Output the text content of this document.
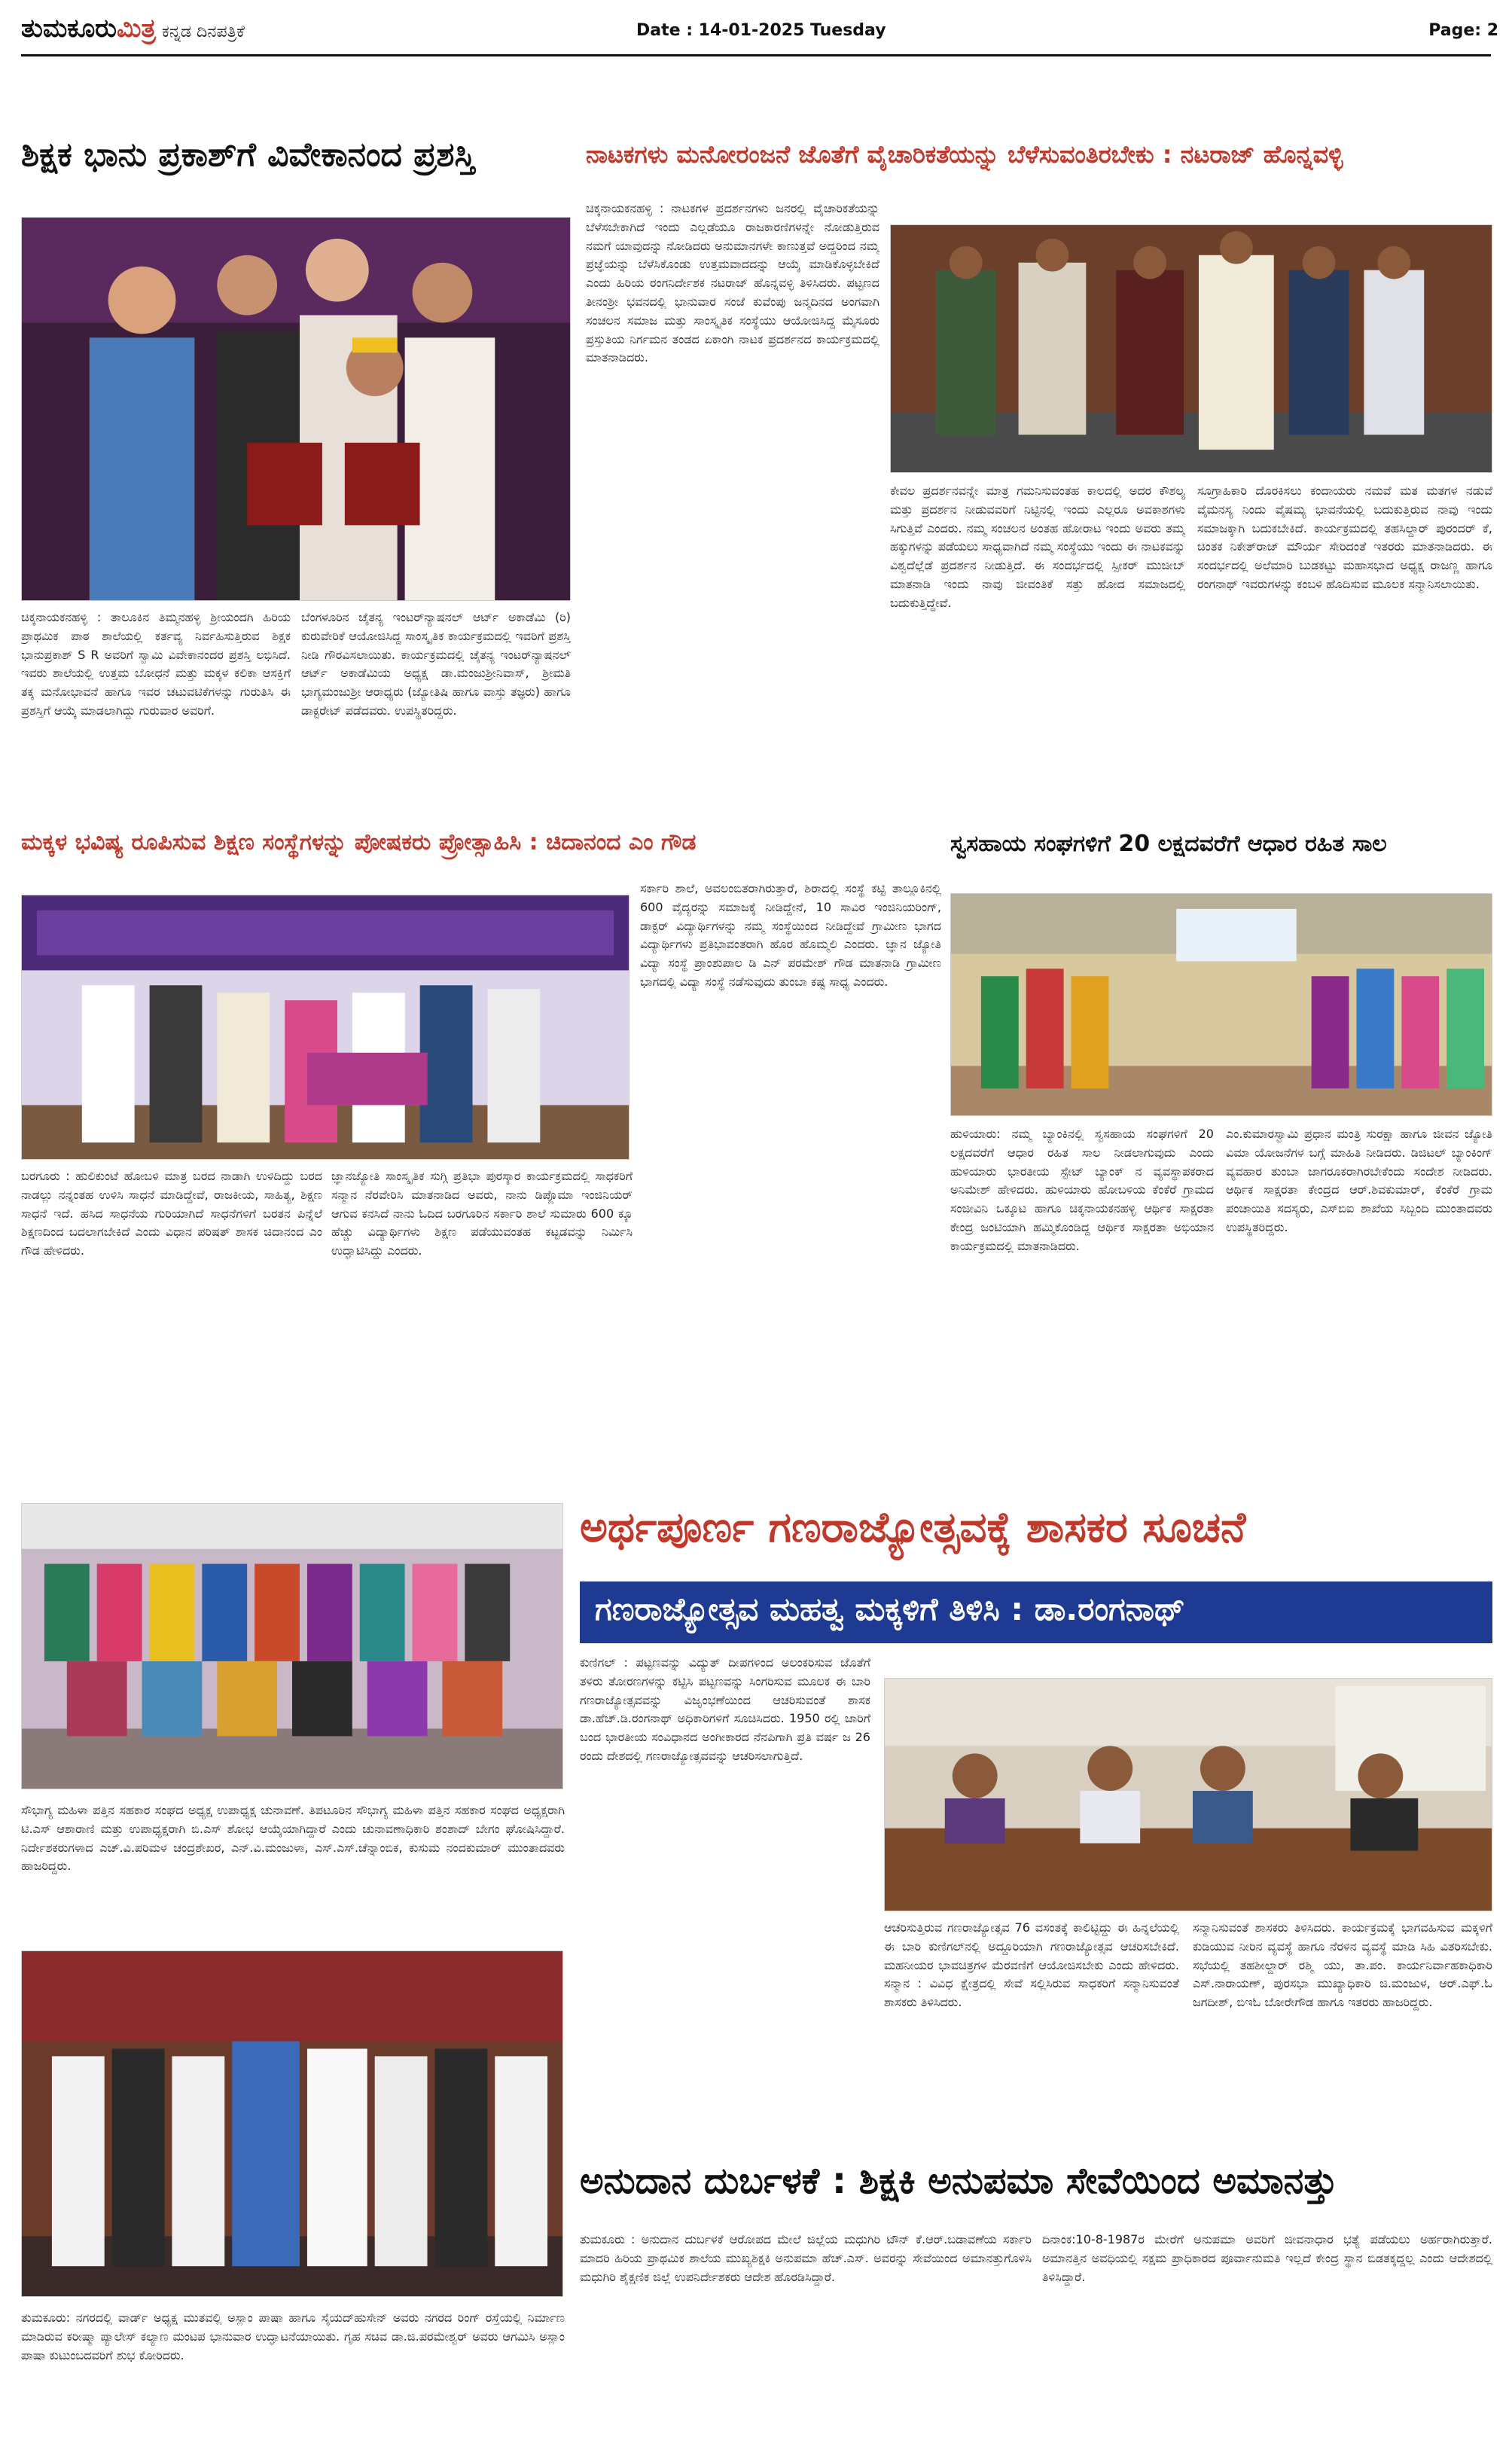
ತುಮಕೂರುಮಿತ್ರ ಕನ್ನಡ ದಿನಪತ್ರಿಕೆ	Date : 14-01-2025 Tuesday	Page: 2
ಶಿಕ್ಷಕ ಭಾನು ಪ್ರಕಾಶ್‌ಗೆ ವಿವೇಕಾನಂದ ಪ್ರಶಸ್ತಿ
ಚಿಕ್ಕನಾಯಕನಹಳ್ಳಿ : ತಾಲೂಕಿನ ತಿಮ್ಮನಹಳ್ಳಿ ಶ್ರೀಯಂದಗಿ ಹಿರಿಯ ಪ್ರಾಥಮಿಕ ಪಾಠ ಶಾಲೆಯಲ್ಲಿ ಕರ್ತವ್ಯ ನಿರ್ವಹಿಸುತ್ತಿರುವ ಶಿಕ್ಷಕ ಭಾನುಪ್ರಕಾಶ್ S R ಅವರಿಗೆ ಸ್ವಾಮಿ ವಿವೇಕಾನಂದರ ಪ್ರಶಸ್ತಿ ಲಭಿಸಿದೆ. ಇವರು ಶಾಲೆಯಲ್ಲಿ ಉತ್ತಮ ಬೋಧನೆ ಮತ್ತು ಮಕ್ಕಳ ಕಲಿಕಾ ಆಸಕ್ತಿಗೆ ತಕ್ಕ ಮನೋಭಾವನೆ ಹಾಗೂ ಇವರ ಚಟುವಟಿಕೆಗಳನ್ನು ಗುರುತಿಸಿ ಈ ಪ್ರಶಸ್ತಿಗೆ ಆಯ್ಕೆ ಮಾಡಲಾಗಿದ್ದು ಗುರುವಾರ ಅವರಿಗೆ.
ಬೆಂಗಳೂರಿನ ಚೈತನ್ಯ ಇಂಟರ್‌ನ್ಯಾಷನಲ್ ಆರ್ಟ್ ಅಕಾಡೆಮಿ (ರಿ) ಕುರುವೇರಿಕೆ ಆಯೋಜಿಸಿದ್ದ ಸಾಂಸ್ಕೃತಿಕ ಕಾರ್ಯಕ್ರಮದಲ್ಲಿ ಇವರಿಗೆ ಪ್ರಶಸ್ತಿ ನೀಡಿ ಗೌರವಿಸಲಾಯಿತು. ಕಾರ್ಯಕ್ರಮದಲ್ಲಿ ಚೈತನ್ಯ ಇಂಟರ್‌ನ್ಯಾಷನಲ್ ಆರ್ಟ್ ಅಕಾಡೆಮಿಯ ಅಧ್ಯಕ್ಷ ಡಾ.ಮಂಜುಶ್ರೀನಿವಾಸ್, ಶ್ರೀಮತಿ ಭಾಗ್ಯಮಂಜುಶ್ರೀ ಆರಾಧ್ಯರು (ಜ್ಯೋತಿಷಿ ಹಾಗೂ ವಾಸ್ತು ತಜ್ಞರು) ಹಾಗೂ ಡಾಕ್ಟರೇಟ್ ಪಡೆದವರು. ಉಪಸ್ಥಿತರಿದ್ದರು.
ನಾಟಕಗಳು ಮನೋರಂಜನೆ ಜೊತೆಗೆ ವೈಚಾರಿಕತೆಯನ್ನು ಬೆಳೆಸುವಂತಿರಬೇಕು : ನಟರಾಜ್ ಹೊನ್ನವಳ್ಳಿ
ಚಿಕ್ಕನಾಯಕನಹಳ್ಳಿ : ನಾಟಕಗಳ ಪ್ರದರ್ಶನಗಳು ಜನರಲ್ಲಿ ವೈಚಾರಿಕತೆಯನ್ನು ಬೆಳೆಸಬೇಕಾಗಿದೆ ಇಂದು ಎಲ್ಲಡೆಯೂ ರಾಜಕಾರಣಿಗಳನ್ನೇ ನೋಡುತ್ತಿರುವ ನಮಗೆ ಯಾವುದನ್ನು ನೋಡಿದರು ಅನುಮಾನಗಳೇ ಕಾಣುತ್ತವೆ ಅದ್ದರಿಂದ ನಮ್ಮ ಪ್ರಜ್ಞೆಯನ್ನು ಬೆಳೆಸಿಕೊಂಡು ಉತ್ತಮವಾದದನ್ನು ಆಯ್ಕೆ ಮಾಡಿಕೊಳ್ಳಬೇಕಿದೆ ಎಂದು ಹಿರಿಯ ರಂಗನಿರ್ದೇಶಕ ನಟರಾಜ್ ಹೊನ್ನವಳ್ಳಿ ತಿಳಿಸಿದರು. ಪಟ್ಟಣದ ತೀನಂಶ್ರೀ ಭವನದಲ್ಲಿ ಭಾನುವಾರ ಸಂಜೆ ಕುವೆಂಪು ಜನ್ಮದಿನದ ಅಂಗವಾಗಿ ಸಂಚಲನ ಸಮಾಜ ಮತ್ತು ಸಾಂಸ್ಕೃತಿಕ ಸಂಸ್ಥೆಯು ಆಯೋಜಿಸಿದ್ದ ಮೈಸೂರು ಪ್ರಸ್ತುತಿಯ ನಿರ್ಗಮನ ತಂಡದ ಏಕಾಂಗಿ ನಾಟಕ ಪ್ರದರ್ಶನದ ಕಾರ್ಯಕ್ರಮದಲ್ಲಿ ಮಾತನಾಡಿದರು.
ಕೇವಲ ಪ್ರದರ್ಶನವನ್ನೇ ಮಾತ್ರ ಗಮನಿಸುವಂತಹ ಕಾಲದಲ್ಲಿ ಅದರ ಕೌಶಲ್ಯ ಮತ್ತು ಪ್ರದರ್ಶನ ನೀಡುವವರಿಗೆ ನಿಟ್ಟಿನಲ್ಲಿ ಇಂದು ಎಲ್ಲರೂ ಅವಕಾಶಗಳು ಸಿಗುತ್ತಿವೆ ಎಂದರು. ನಮ್ಮ ಸಂಚಲನ ಅಂತಹ ಹೋರಾಟ ಇಂದು ಅವರು ತಮ್ಮ ಹಕ್ಕುಗಳನ್ನು ಪಡೆಯಲು ಸಾಧ್ಯವಾಗಿದೆ ನಮ್ಮ ಸಂಸ್ಥೆಯು ಇಂದು ಈ ನಾಟಕವನ್ನು ವಿಶ್ವದೆಲ್ಲೆಡೆ ಪ್ರದರ್ಶನ ನೀಡುತ್ತಿದೆ. ಈ ಸಂದರ್ಭದಲ್ಲಿ ಸ್ಪೀಕರ್ ಮುಜೀಬ್ ಮಾತನಾಡಿ ಇಂದು ನಾವು ಜೀವಂತಿಕೆ ಸತ್ತು ಹೋದ ಸಮಾಜದಲ್ಲಿ ಬದುಕುತ್ತಿದ್ದೇವೆ.
ಸೂಗ್ರಾಹಿಕಾರಿ ದೊರಕಿಸಲು ಕಂದಾಯರು ನಮವೆ ಮತ ಮತಗಳ ನಡುವೆ ವೈಮನಸ್ಯ ನಿಂದು ವೈಷಮ್ಯ ಭಾವನೆಯಲ್ಲಿ ಬದುಕುತ್ತಿರುವ ನಾವು ಇಂದು ಸಮಾಜಕ್ಕಾಗಿ ಬದುಕಬೇಕಿದೆ. ಕಾರ್ಯಕ್ರಮದಲ್ಲಿ ತಹಸಿಲ್ದಾರ್ ಪುರಂದರ್ ಕೆ, ಚಿಂತಕ ನಿಕೇತ್‌ರಾಜ್ ಮೌರ್ಯ ಸೇರಿದಂತೆ ಇತರರು ಮಾತನಾಡಿದರು. ಈ ಸಂದರ್ಭದಲ್ಲಿ ಅಲೆಮಾರಿ ಬುಡಕಟ್ಟು ಮಹಾಸಭಾದ ಅಧ್ಯಕ್ಷ ರಾಜಣ್ಣ ಹಾಗೂ ರಂಗನಾಥ್ ಇವರುಗಳನ್ನು ಕಂಬಳಿ ಹೊದಿಸುವ ಮೂಲಕ ಸನ್ಮಾನಿಸಲಾಯಿತು.
ಮಕ್ಕಳ ಭವಿಷ್ಯ ರೂಪಿಸುವ ಶಿಕ್ಷಣ ಸಂಸ್ಥೆಗಳನ್ನು ಪೋಷಕರು ಪ್ರೋತ್ಸಾಹಿಸಿ : ಚಿದಾನಂದ ಎಂ ಗೌಡ
ಸರ್ಕಾರಿ ಶಾಲೆ, ಅವಲಂಬಿತರಾಗಿರುತ್ತಾರೆ, ಶಿರಾದಲ್ಲಿ ಸಂಸ್ಥೆ ಕಟ್ಟಿ ತಾಲ್ಲೂಕಿನಲ್ಲಿ 600 ವೈದ್ಯರನ್ನು ಸಮಾಜಕ್ಕೆ ನೀಡಿದ್ದೇನೆ, 10 ಸಾವಿರ ಇಂಜಿನಿಯರಿಂಗ್, ಡಾಕ್ಟರ್ ವಿದ್ಯಾರ್ಥಿಗಳನ್ನು ನಮ್ಮ ಸಂಸ್ಥೆಯಿಂದ ನೀಡಿದ್ದೇವೆ ಗ್ರಾಮೀಣ ಭಾಗದ ವಿದ್ಯಾರ್ಥಿಗಳು ಪ್ರತಿಭಾವಂತರಾಗಿ ಹೊರ ಹೊಮ್ಮಲಿ ಎಂದರು. ಜ್ಞಾನ ಜ್ಯೋತಿ ವಿದ್ಯಾ ಸಂಸ್ಥೆ ಪ್ರಾಂಶುಪಾಲ ಡಿ ಎನ್ ಪರಮೇಶ್ ಗೌಡ ಮಾತನಾಡಿ ಗ್ರಾಮೀಣ ಭಾಗದಲ್ಲಿ ವಿದ್ಯಾ ಸಂಸ್ಥೆ ನಡೆಸುವುದು ತುಂಬಾ ಕಷ್ಟ ಸಾಧ್ಯ ಎಂದರು.
ಬರಗೂರು : ಹುಲಿಕುಂಟೆ ಹೋಬಳಿ ಮಾತ್ರ ಬರದ ನಾಡಾಗಿ ಉಳಿದಿದ್ದು ಬರದ ನಾಡಲ್ಲು ನನ್ನಂತಹ ಉಳಿಸಿ ಸಾಧನೆ ಮಾಡಿದ್ದೇವೆ, ರಾಜಕೀಯ, ಸಾಹಿತ್ಯ, ಶಿಕ್ಷಣ ಸಾಧನೆ ಇದೆ. ಹಸಿದ ಸಾಧನೆಯ ಗುರಿಯಾಗಿದೆ ಸಾಧನೆಗಳಿಗೆ ಬರತನ ಪಿನ್ನೆಲೆ ಶಿಕ್ಷಣದಿಂದ ಬದಲಾಗಬೇಕಿದೆ ಎಂದು ವಿಧಾನ ಪರಿಷತ್ ಶಾಸಕ ಚಿದಾನಂದ ಎಂ ಗೌಡ ಹೇಳಿದರು.
ಜ್ಞಾನಜ್ಯೋತಿ ಸಾಂಸ್ಕೃತಿಕ ಸುಗ್ಗಿ ಪ್ರತಿಭಾ ಪುರಸ್ಕಾರ ಕಾರ್ಯಕ್ರಮದಲ್ಲಿ ಸಾಧಕರಿಗೆ ಸನ್ಮಾನ ನೆರವೇರಿಸಿ ಮಾತನಾಡಿದ ಅವರು, ನಾನು ಡಿಪ್ಲೊಮಾ ಇಂಜಿನಿಯರ್ ಆಗುವ ಕನಸಿದೆ ನಾನು ಓದಿದ ಬರಗೂರಿನ ಸರ್ಕಾರಿ ಶಾಲೆ ಸುಮಾರು 600 ಕ್ಕೂ ಹೆಚ್ಚು ವಿದ್ಯಾರ್ಥಿಗಳು ಶಿಕ್ಷಣ ಪಡೆಯುವಂತಹ ಕಟ್ಟಡವನ್ನು ನಿರ್ಮಿಸಿ ಉದ್ಘಾಟಿಸಿದ್ದು ಎಂದರು.
ಸ್ವಸಹಾಯ ಸಂಘಗಳಿಗೆ 20 ಲಕ್ಷದವರೆಗೆ ಆಧಾರ ರಹಿತ ಸಾಲ
ಹುಳಿಯಾರು: ನಮ್ಮ ಬ್ಯಾಂಕಿನಲ್ಲಿ ಸ್ವಸಹಾಯ ಸಂಘಗಳಿಗೆ 20 ಲಕ್ಷದವರೆಗೆ ಆಧಾರ ರಹಿತ ಸಾಲ ನೀಡಲಾಗುವುದು ಎಂದು ಹುಳಿಯಾರು ಭಾರತೀಯ ಸ್ಟೇಟ್ ಬ್ಯಾಂಕ್ ನ ವ್ಯವಸ್ಥಾಪಕರಾದ ಅನಿಮೇಶ್ ಹೇಳಿದರು. ಹುಳಿಯಾರು ಹೋಬಳಿಯ ಕೆಂಕೆರೆ ಗ್ರಾಮದ ಸಂಜೀವಿನಿ ಒಕ್ಕೂಟ ಹಾಗೂ ಚಿಕ್ಕನಾಯಕನಹಳ್ಳಿ ಆರ್ಥಿಕ ಸಾಕ್ಷರತಾ ಕೇಂದ್ರ ಜಂಟಿಯಾಗಿ ಹಮ್ಮಿಕೊಂಡಿದ್ದ ಆರ್ಥಿಕ ಸಾಕ್ಷರತಾ ಅಭಿಯಾನ ಕಾರ್ಯಕ್ರಮದಲ್ಲಿ ಮಾತನಾಡಿದರು.
ಎಂ.ಕುಮಾರಸ್ವಾಮಿ ಪ್ರಧಾನ ಮಂತ್ರಿ ಸುರಕ್ಷಾ ಹಾಗೂ ಜೀವನ ಜ್ಯೋತಿ ವಿಮಾ ಯೋಜನೆಗಳ ಬಗ್ಗೆ ಮಾಹಿತಿ ನೀಡಿದರು. ಡಿಜಿಟಲ್ ಬ್ಯಾಂಕಿಂಗ್ ವ್ಯವಹಾರ ತುಂಬಾ ಜಾಗರೂಕರಾಗಿರಬೇಕೆಂದು ಸಂದೇಶ ನೀಡಿದರು. ಆರ್ಥಿಕ ಸಾಕ್ಷರತಾ ಕೇಂದ್ರದ ಆರ್.ಶಿವಕುಮಾರ್, ಕೆಂಕೆರೆ ಗ್ರಾಮ ಪಂಚಾಯಿತಿ ಸದಸ್ಯರು, ಎಸ್‌ಬಿಐ ಶಾಖೆಯ ಸಿಬ್ಬಂದಿ ಮುಂತಾದವರು ಉಪಸ್ಥಿತರಿದ್ದರು.
ಸೌಭಾಗ್ಯ ಮಹಿಳಾ ಪತ್ತಿನ ಸಹಕಾರ ಸಂಘದ ಅಧ್ಯಕ್ಷ ಉಪಾಧ್ಯಕ್ಷ ಚುನಾವಣೆ. ತಿಪಟೂರಿನ ಸೌಭಾಗ್ಯ ಮಹಿಳಾ ಪತ್ತಿನ ಸಹಕಾರ ಸಂಘದ ಅಧ್ಯಕ್ಷರಾಗಿ ಟಿ.ಎಸ್ ಆಶಾರಾಣಿ ಮತ್ತು ಉಪಾಧ್ಯಕ್ಷರಾಗಿ ಬಿ.ಎಸ್ ಶೋಭ ಆಯ್ಕೆಯಾಗಿದ್ದಾರೆ ಎಂದು ಚುನಾವಣಾಧಿಕಾರಿ ಶಂಶಾದ್ ಬೇಗಂ ಘೋಷಿಸಿದ್ದಾರೆ. ನಿರ್ದೇಶಕರುಗಳಾದ ಎಚ್.ವಿ.ಪರಿಮಳ ಚಂದ್ರಶೇಖರ, ಎನ್.ವಿ.ಮಂಜುಳಾ, ಎಸ್.ಎಸ್.ಚೆನ್ನಾಂಬಿಕ, ಕುಸುಮ ನಂದಕುಮಾರ್ ಮುಂತಾದವರು ಹಾಜರಿದ್ದರು.
ಅರ್ಥಪೂರ್ಣ ಗಣರಾಜ್ಯೋತ್ಸವಕ್ಕೆ ಶಾಸಕರ ಸೂಚನೆ
ಗಣರಾಜ್ಯೋತ್ಸವ ಮಹತ್ವ ಮಕ್ಕಳಿಗೆ ತಿಳಿಸಿ : ಡಾ.ರಂಗನಾಥ್
ಕುಣಿಗಲ್ : ಪಟ್ಟಣವನ್ನು ವಿದ್ಯುತ್ ದೀಪಗಳಿಂದ ಅಲಂಕರಿಸುವ ಜೊತೆಗೆ ತಳಿರು ತೋರಣಗಳನ್ನು ಕಟ್ಟಿಸಿ ಪಟ್ಟಣವನ್ನು ಸಿಂಗರಿಸುವ ಮೂಲಕ ಈ ಬಾರಿ ಗಣರಾಜ್ಯೋತ್ಸವವನ್ನು ವಿಜೃಂಭಣೆಯಿಂದ ಆಚರಿಸುವಂತೆ ಶಾಸಕ ಡಾ.ಹೆಚ್.ಡಿ.ರಂಗನಾಥ್ ಅಧಿಕಾರಿಗಳಿಗೆ ಸೂಚಿಸಿದರು. 1950 ರಲ್ಲಿ ಜಾರಿಗೆ ಬಂದ ಭಾರತೀಯ ಸಂವಿಧಾನದ ಅಂಗೀಕಾರದ ನೆನಪಿಗಾಗಿ ಪ್ರತಿ ವರ್ಷ ಜ 26 ರಂದು ದೇಶದಲ್ಲಿ ಗಣರಾಜ್ಯೋತ್ಸವವನ್ನು ಆಚರಿಸಲಾಗುತ್ತಿದೆ.
ಆಚರಿಸುತ್ತಿರುವ ಗಣರಾಜ್ಯೋತ್ಸವ 76 ವಸಂತಕ್ಕೆ ಕಾಲಿಟ್ಟಿದ್ದು ಈ ಹಿನ್ನಲೆಯಲ್ಲಿ ಈ ಬಾರಿ ಕುಣಿಗಲ್‌ನಲ್ಲಿ ಅದ್ದೂರಿಯಾಗಿ ಗಣರಾಜ್ಯೋತ್ಸವ ಆಚರಿಸಬೇಕಿದೆ. ಮಹನೀಯರ ಭಾವಚಿತ್ರಗಳ ಮೆರವಣಿಗೆ ಆಯೋಜಿಸಬೇಕು ಎಂದು ಹೇಳಿದರು. ಸನ್ಮಾನ : ವಿವಿಧ ಕ್ಷೇತ್ರದಲ್ಲಿ ಸೇವೆ ಸಲ್ಲಿಸಿರುವ ಸಾಧಕರಿಗೆ ಸನ್ಮಾನಿಸುವಂತೆ ಶಾಸಕರು ತಿಳಿಸಿದರು.
ಸನ್ಮಾನಿಸುವಂತೆ ಶಾಸಕರು ತಿಳಿಸಿದರು. ಕಾರ್ಯಕ್ರಮಕ್ಕೆ ಭಾಗವಹಿಸುವ ಮಕ್ಕಳಿಗೆ ಕುಡಿಯುವ ನೀರಿನ ವ್ಯವಸ್ಥೆ ಹಾಗೂ ನೆರಳಿನ ವ್ಯವಸ್ಥೆ ಮಾಡಿ ಸಿಹಿ ವಿತರಿಸಬೇಕು. ಸಭೆಯಲ್ಲಿ ತಹಶೀಲ್ದಾರ್ ರಶ್ಮಿ ಯು, ತಾ.ಪಂ. ಕಾರ್ಯನಿರ್ವಾಹಕಾಧಿಕಾರಿ ಎಸ್.ನಾರಾಯಣ್, ಪುರಸಭಾ ಮುಖ್ಯಾಧಿಕಾರಿ ಜಿ.ಮಂಜುಳ, ಆರ್.ಎಫ್.ಓ ಜಗದೀಶ್, ಬಿಇಓ ಬೋರೇಗೌಡ ಹಾಗೂ ಇತರರು ಹಾಜರಿದ್ದರು.
ತುಮಕೂರು: ನಗರದಲ್ಲಿ ವಾರ್ಡ್ ಅಧ್ಯಕ್ಷ ಮುತವಲ್ಲಿ ಅಸ್ಲಾಂ ಪಾಷಾ ಹಾಗೂ ಸೈಯದ್‌ಹುಸೇನ್ ಅವರು ನಗರದ ರಿಂಗ್ ರಸ್ತೆಯಲ್ಲಿ ನಿರ್ಮಾಣ ಮಾಡಿರುವ ಕರೀಷ್ಮಾ ಪ್ಯಾಲೇಸ್ ಕಲ್ಯಾಣ ಮಂಟಪ ಭಾನುವಾರ ಉದ್ಘಾಟನೆಯಾಯಿತು. ಗೃಹ ಸಚಿವ ಡಾ.ಜಿ.ಪರಮೇಶ್ವರ್ ಅವರು ಆಗಮಿಸಿ ಅಸ್ಲಾಂ ಪಾಷಾ ಕುಟುಂಬದವರಿಗೆ ಶುಭ ಕೋರಿದರು.
ಅನುದಾನ ದುರ್ಬಳಕೆ : ಶಿಕ್ಷಕಿ ಅನುಪಮಾ ಸೇವೆಯಿಂದ ಅಮಾನತ್ತು
ತುಮಕೂರು : ಅನುದಾನ ದುರ್ಬಳಕೆ ಆರೋಪದ ಮೇಲೆ ಜಿಲ್ಲೆಯ ಮಧುಗಿರಿ ಟೌನ್ ಕೆ.ಆರ್.ಬಡಾವಣೆಯ ಸರ್ಕಾರಿ ಮಾದರಿ ಹಿರಿಯ ಪ್ರಾಥಮಿಕ ಶಾಲೆಯ ಮುಖ್ಯಶಿಕ್ಷಕಿ ಅನುಪಮಾ ಹೆಚ್.ಎಸ್. ಅವರನ್ನು ಸೇವೆಯಿಂದ ಅಮಾನತ್ತುಗೊಳಿಸಿ ಮಧುಗಿರಿ ಶೈಕ್ಷಣಿಕ ಜಿಲ್ಲೆ ಉಪನಿರ್ದೇಶಕರು ಆದೇಶ ಹೊರಡಿಸಿದ್ದಾರೆ.
ದಿನಾಂಕ:10-8-1987ರ ಮೇರೆಗೆ ಅನುಪಮಾ ಅವರಿಗೆ ಜೀವನಾಧಾರ ಭತ್ಯೆ ಪಡೆಯಲು ಅರ್ಹರಾಗಿರುತ್ತಾರೆ. ಅಮಾನತ್ತಿನ ಅವಧಿಯಲ್ಲಿ ಸಕ್ಷಮ ಪ್ರಾಧಿಕಾರದ ಪೂರ್ವಾನುಮತಿ ಇಲ್ಲದೆ ಕೇಂದ್ರ ಸ್ಥಾನ ಬಿಡತಕ್ಕದ್ದಲ್ಲ ಎಂದು ಆದೇಶದಲ್ಲಿ ತಿಳಿಸಿದ್ದಾರೆ.
